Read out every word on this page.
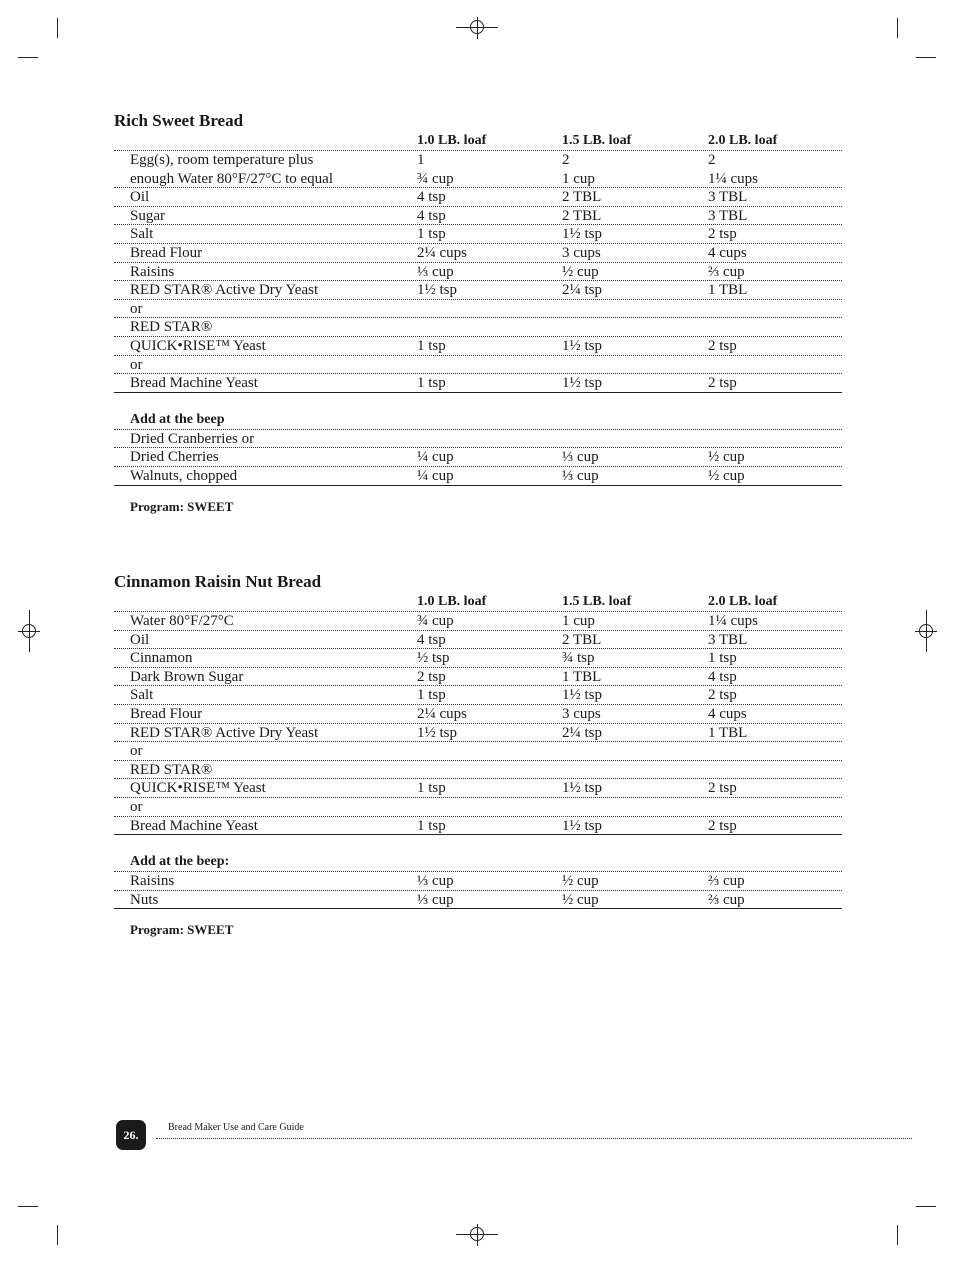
Rich Sweet Bread
1.0 LB. loaf	1.5 LB. loaf	2.0 LB. loaf
Egg(s), room temperature plus	1	2	2
enough Water 80°F/27°C to equal	¾ cup	1 cup	1¼ cups
Oil	4 tsp	2 TBL	3 TBL
Sugar	4 tsp	2 TBL	3 TBL
Salt	1 tsp	1½ tsp	2 tsp
Bread Flour	2¼ cups	3 cups	4 cups
Raisins	⅓ cup	½ cup	⅔ cup
RED STAR® Active Dry Yeast	1½ tsp	2¼ tsp	1 TBL
or
RED STAR®
QUICK•RISE™ Yeast	1 tsp	1½ tsp	2 tsp
or
Bread Machine Yeast	1 tsp	1½ tsp	2 tsp
Add at the beep
Dried Cranberries or
Dried Cherries	¼ cup	⅓ cup	½ cup
Walnuts, chopped	¼ cup	⅓ cup	½ cup
Program: SWEET
Cinnamon Raisin Nut Bread
1.0 LB. loaf	1.5 LB. loaf	2.0 LB. loaf
Water 80°F/27°C	¾ cup	1 cup	1¼ cups
Oil	4 tsp	2 TBL	3 TBL
Cinnamon	½ tsp	¾ tsp	1 tsp
Dark Brown Sugar	2 tsp	1 TBL	4 tsp
Salt	1 tsp	1½ tsp	2 tsp
Bread Flour	2¼ cups	3 cups	4 cups
RED STAR® Active Dry Yeast	1½ tsp	2¼ tsp	1 TBL
or
RED STAR®
QUICK•RISE™ Yeast	1 tsp	1½ tsp	2 tsp
or
Bread Machine Yeast	1 tsp	1½ tsp	2 tsp
Add at the beep:
Raisins	⅓ cup	½ cup	⅔ cup
Nuts	⅓ cup	½ cup	⅔ cup
Program: SWEET
26.
Bread Maker Use and Care Guide
